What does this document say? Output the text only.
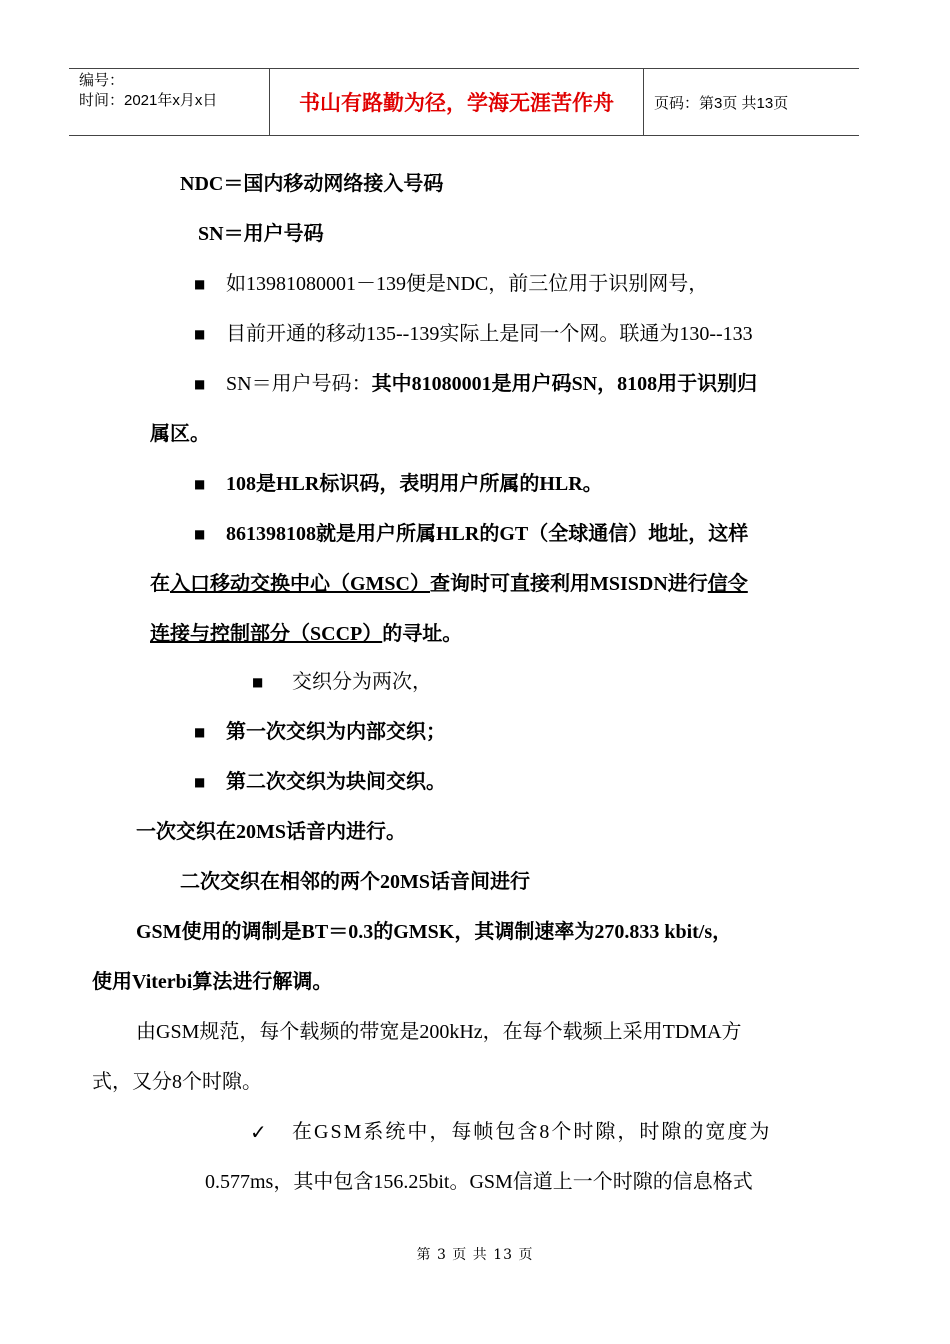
编号：
时间：2021年x月x日	书山有路勤为径，学海无涯苦作舟	页码：第3页 共13页
NDC＝国内移动网络接入号码
SN＝用户号码
■ 如13981080001－139便是NDC，前三位用于识别网号，
■ 目前开通的移动135--139实际上是同一个网。联通为130--133
■ SN＝用户号码：其中81080001是用户码SN，8108用于识别归
属区。
■ 108是HLR标识码，表明用户所属的HLR。
■ 861398108就是用户所属HLR的GT（全球通信）地址，这样
在入口移动交换中心（GMSC）查询时可直接利用MSISDN进行信令
连接与控制部分（SCCP）的寻址。
■ 交织分为两次，
■ 第一次交织为内部交织；
■ 第二次交织为块间交织。
一次交织在20MS话音内进行。
二次交织在相邻的两个20MS话音间进行
GSM使用的调制是BT＝0.3的GMSK，其调制速率为270.833 kbit/s，
使用Viterbi算法进行解调。
由GSM规范，每个载频的带宽是200kHz，在每个载频上采用TDMA方
式，又分8个时隙。
✓ 在GSM系统中，每帧包含8个时隙，时隙的宽度为
0.577ms，其中包含156.25bit。GSM信道上一个时隙的信息格式
第 3 页 共 13 页
